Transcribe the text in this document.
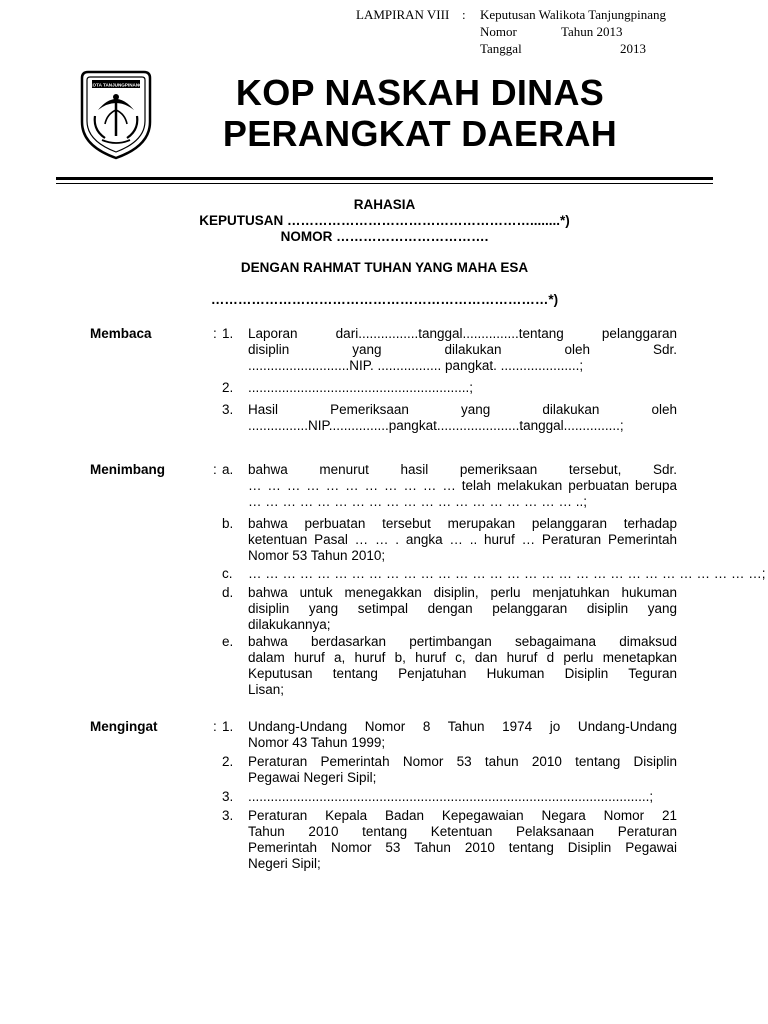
LAMPIRAN VIII :	Keputusan Walikota Tanjungpinang
Nomor	Tahun 2013
Tanggal	2013
KOTA TANJUNGPINANG	KOP NASKAH DINAS
PERANGKAT DAERAH
RAHASIA
KEPUTUSAN ………………………………………………........*)
NOMOR …………………………….
DENGAN RAHMAT TUHAN YANG MAHA ESA
…………………………………………………………………*)
Membaca	: 1.	Laporan dari................tanggal...............tentang pelanggaran
disiplin yang dilakukan oleh Sdr.
...........................NIP. ................. pangkat. .....................;
2.	...........................................................;
3.	Hasil Pemeriksaan yang dilakukan oleh
................NIP................pangkat......................tanggal...............;
Menimbang	: a.	bahwa menurut hasil pemeriksaan tersebut, Sdr.
… … … … … … … … … … … telah melakukan perbuatan berupa
… … … … … … … … … … … … … … … … … … … ..;
b.	bahwa perbuatan tersebut merupakan pelanggaran terhadap
ketentuan Pasal … … . angka … .. huruf … Peraturan Pemerintah
Nomor 53 Tahun 2010;
c.	… … … … … … … … … … … … … … … … … … … … … … … … … … … … … …;
d.	bahwa untuk menegakkan disiplin, perlu menjatuhkan hukuman
disiplin yang setimpal dengan pelanggaran disiplin yang
dilakukannya;
e.	bahwa berdasarkan pertimbangan sebagaimana dimaksud
dalam huruf a, huruf b, huruf c, dan huruf d perlu menetapkan
Keputusan tentang Penjatuhan Hukuman Disiplin Teguran
Lisan;
Mengingat	: 1.	Undang-Undang Nomor 8 Tahun 1974 jo Undang-Undang
Nomor 43 Tahun 1999;
2.	Peraturan Pemerintah Nomor 53 tahun 2010 tentang Disiplin
Pegawai Negeri Sipil;
3.	...........................................................................................................;
3.	Peraturan Kepala Badan Kepegawaian Negara Nomor 21
Tahun 2010 tentang Ketentuan Pelaksanaan Peraturan
Pemerintah Nomor 53 Tahun 2010 tentang Disiplin Pegawai
Negeri Sipil;
